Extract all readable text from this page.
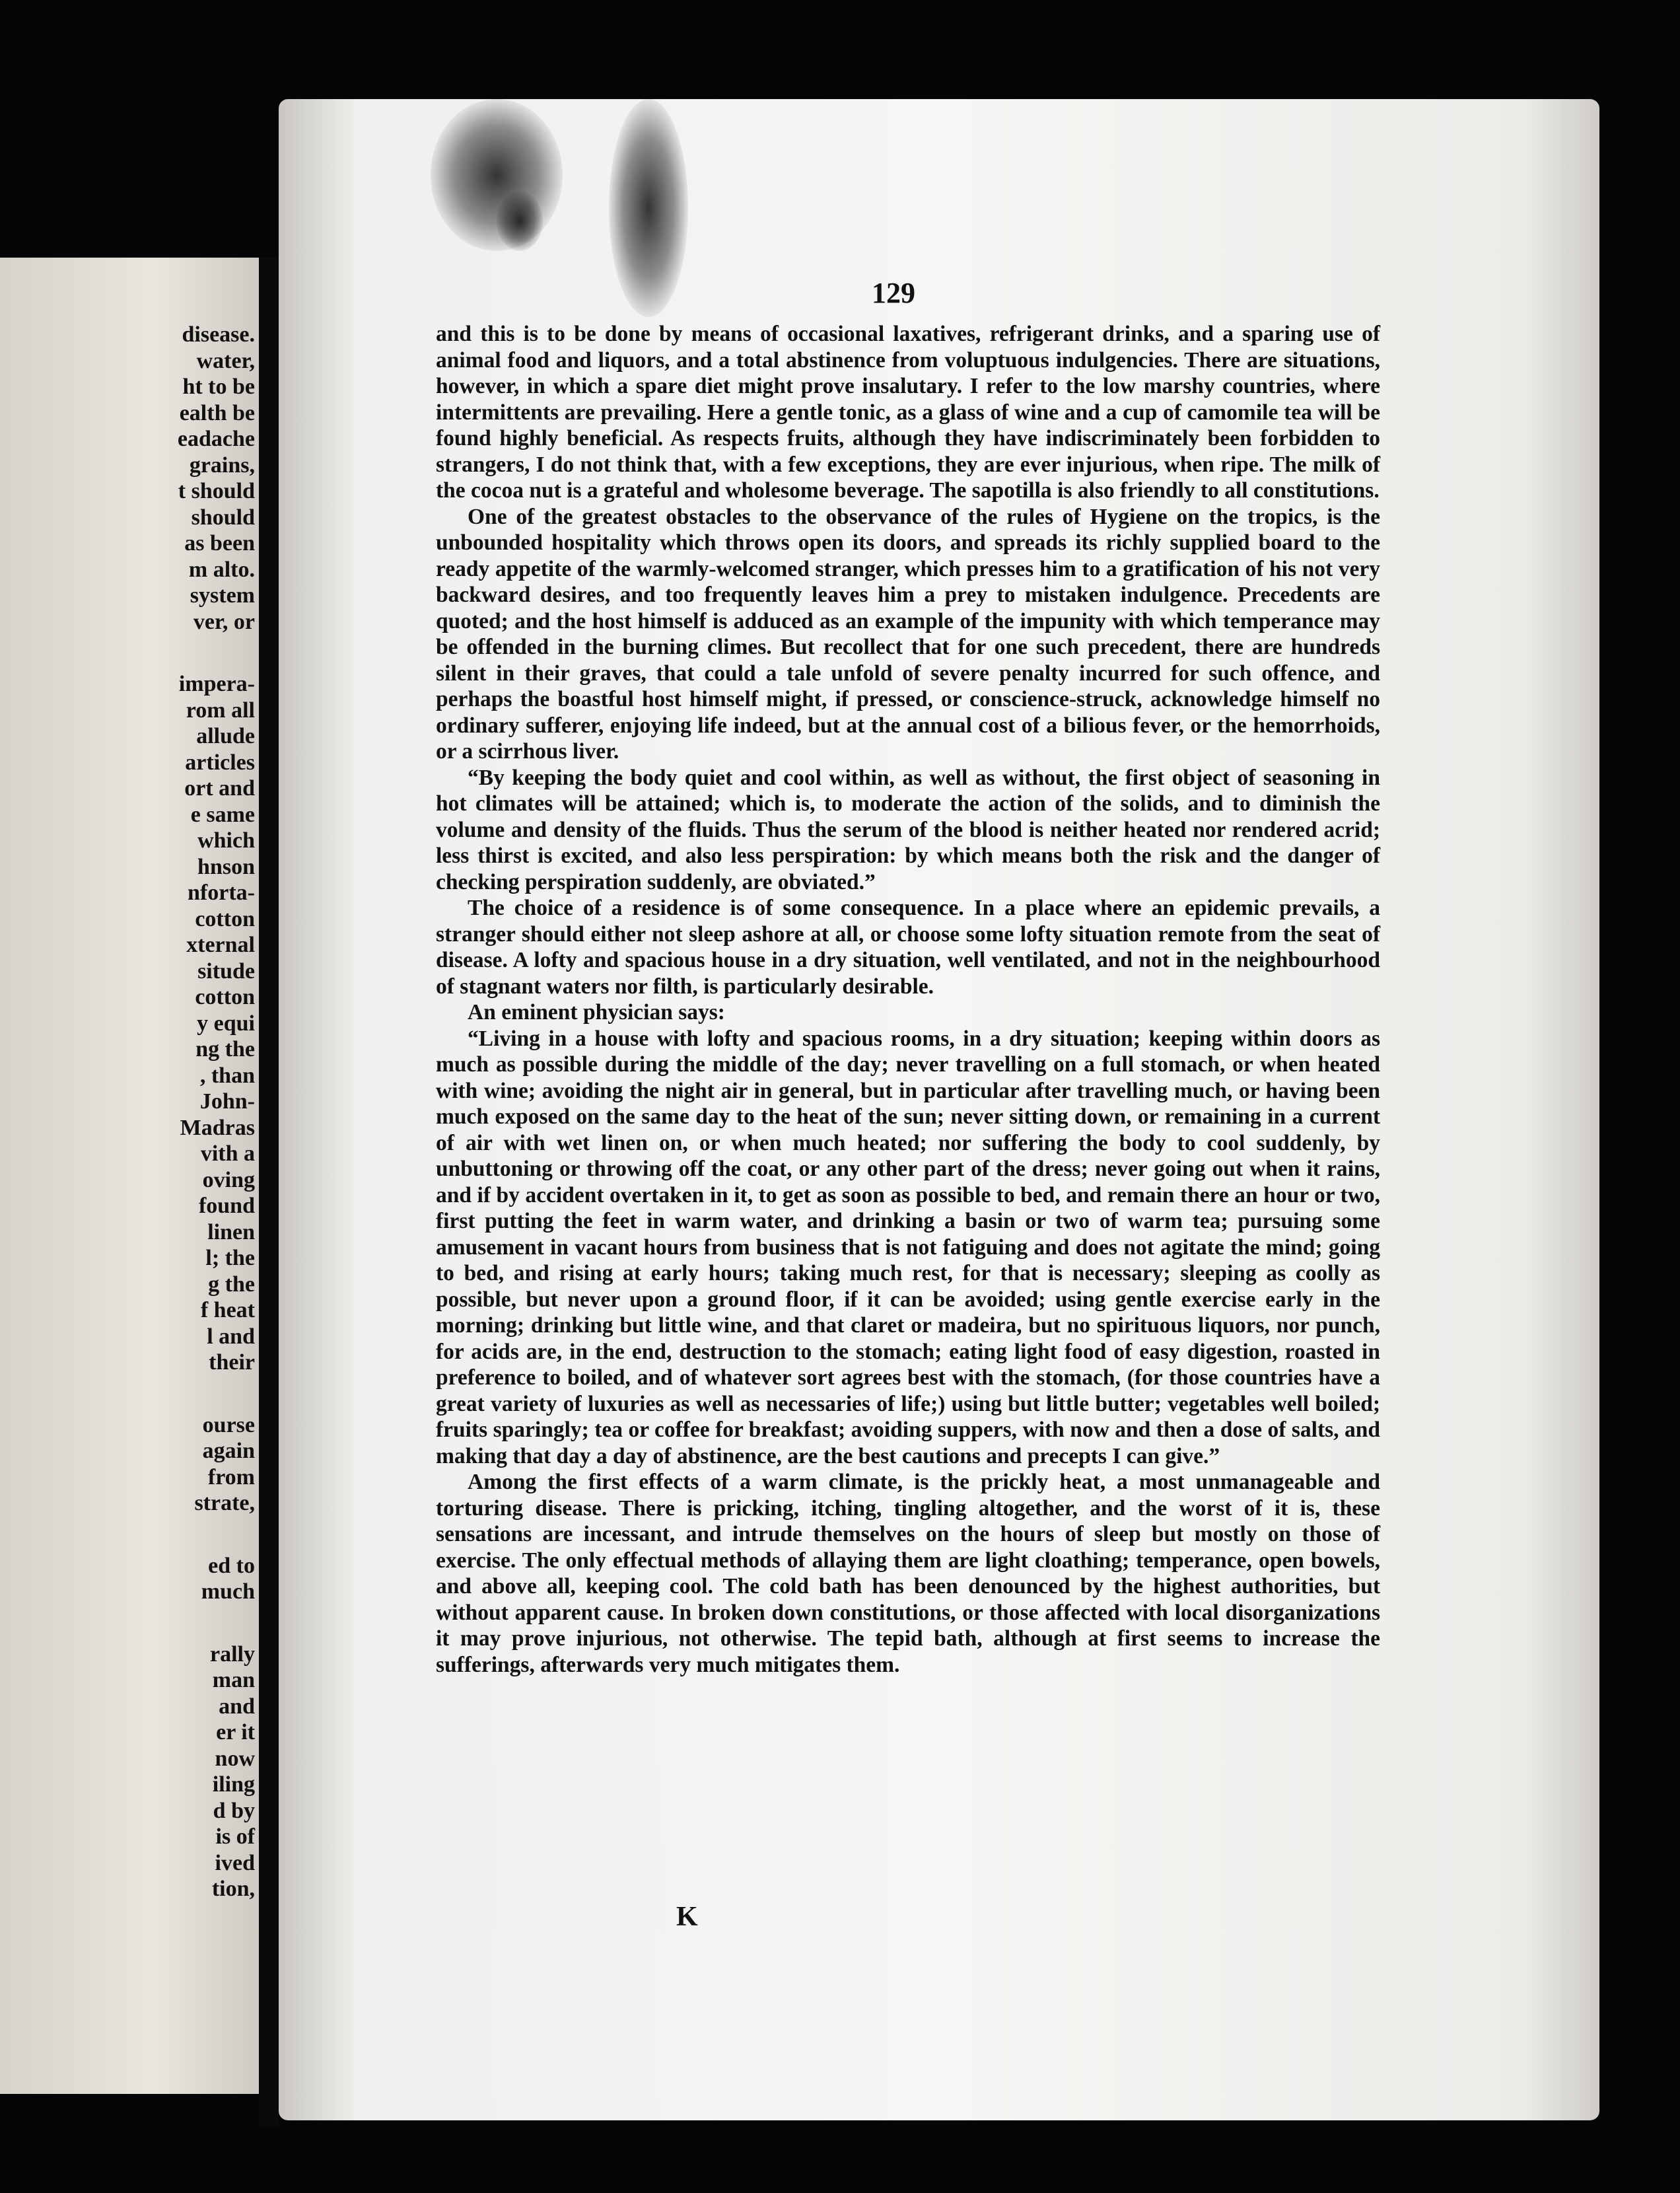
disease.
water,
ht to be
ealth be
eadache
grains,
t should
should
as been
m alto.
system
ver, or
impera-
rom all
allude
articles
ort and
e same
which
hnson
nforta-
cotton
xternal
situde
cotton
y equi
ng the
, than
John-
Madras
vith a
oving
found
linen
l; the
g the
f heat
l and
their
ourse
again
from
strate,
ed to
much
rally
man
and
er it
now
iling
d by
is of
ived
tion,
129

and this is to be done by means of occasional laxatives, refrigerant drinks, and a sparing use of animal food and liquors, and a total abstinence from voluptuous indulgencies. There are situations, however, in which a spare diet might prove insalutary. I refer to the low marshy countries, where intermittents are prevailing. Here a gentle tonic, as a glass of wine and a cup of camomile tea will be found highly beneficial. As respects fruits, although they have indiscriminately been forbidden to strangers, I do not think that, with a few exceptions, they are ever injurious, when ripe. The milk of the cocoa nut is a grateful and wholesome beverage. The sapotilla is also friendly to all constitutions.

One of the greatest obstacles to the observance of the rules of Hygiene on the tropics, is the unbounded hospitality which throws open its doors, and spreads its richly supplied board to the ready appetite of the warmly-welcomed stranger, which presses him to a gratification of his not very backward desires, and too frequently leaves him a prey to mistaken indulgence. Precedents are quoted; and the host himself is adduced as an example of the impunity with which temperance may be offended in the burning climes. But recollect that for one such precedent, there are hundreds silent in their graves, that could a tale unfold of severe penalty incurred for such offence, and perhaps the boastful host himself might, if pressed, or conscience-struck, acknowledge himself no ordinary sufferer, enjoying life indeed, but at the annual cost of a bilious fever, or the hemorrhoids, or a scirrhous liver.

“By keeping the body quiet and cool within, as well as without, the first object of seasoning in hot climates will be attained; which is, to moderate the action of the solids, and to diminish the volume and density of the fluids. Thus the serum of the blood is neither heated nor rendered acrid; less thirst is excited, and also less perspiration: by which means both the risk and the danger of checking perspiration suddenly, are obviated.”

The choice of a residence is of some consequence. In a place where an epidemic prevails, a stranger should either not sleep ashore at all, or choose some lofty situation remote from the seat of disease. A lofty and spacious house in a dry situation, well ventilated, and not in the neighbourhood of stagnant waters nor filth, is particularly desirable.

An eminent physician says:

“Living in a house with lofty and spacious rooms, in a dry situation; keeping within doors as much as possible during the middle of the day; never travelling on a full stomach, or when heated with wine; avoiding the night air in general, but in particular after travelling much, or having been much exposed on the same day to the heat of the sun; never sitting down, or remaining in a current of air with wet linen on, or when much heated; nor suffering the body to cool suddenly, by unbuttoning or throwing off the coat, or any other part of the dress; never going out when it rains, and if by accident overtaken in it, to get as soon as possible to bed, and remain there an hour or two, first putting the feet in warm water, and drinking a basin or two of warm tea; pursuing some amusement in vacant hours from business that is not fatiguing and does not agitate the mind; going to bed, and rising at early hours; taking much rest, for that is necessary; sleeping as coolly as possible, but never upon a ground floor, if it can be avoided; using gentle exercise early in the morning; drinking but little wine, and that claret or madeira, but no spirituous liquors, nor punch, for acids are, in the end, destruction to the stomach; eating light food of easy digestion, roasted in preference to boiled, and of whatever sort agrees best with the stomach, (for those countries have a great variety of luxuries as well as necessaries of life;) using but little butter; vegetables well boiled; fruits sparingly; tea or coffee for breakfast; avoiding suppers, with now and then a dose of salts, and making that day a day of abstinence, are the best cautions and precepts I can give.”

Among the first effects of a warm climate, is the prickly heat, a most unmanageable and torturing disease. There is pricking, itching, tingling altogether, and the worst of it is, these sensations are incessant, and intrude themselves on the hours of sleep but mostly on those of exercise. The only effectual methods of allaying them are light cloathing; temperance, open bowels, and above all, keeping cool. The cold bath has been denounced by the highest authorities, but without apparent cause. In broken down constitutions, or those affected with local disorganizations it may prove injurious, not otherwise. The tepid bath, although at first seems to increase the sufferings, afterwards very much mitigates them.

K
